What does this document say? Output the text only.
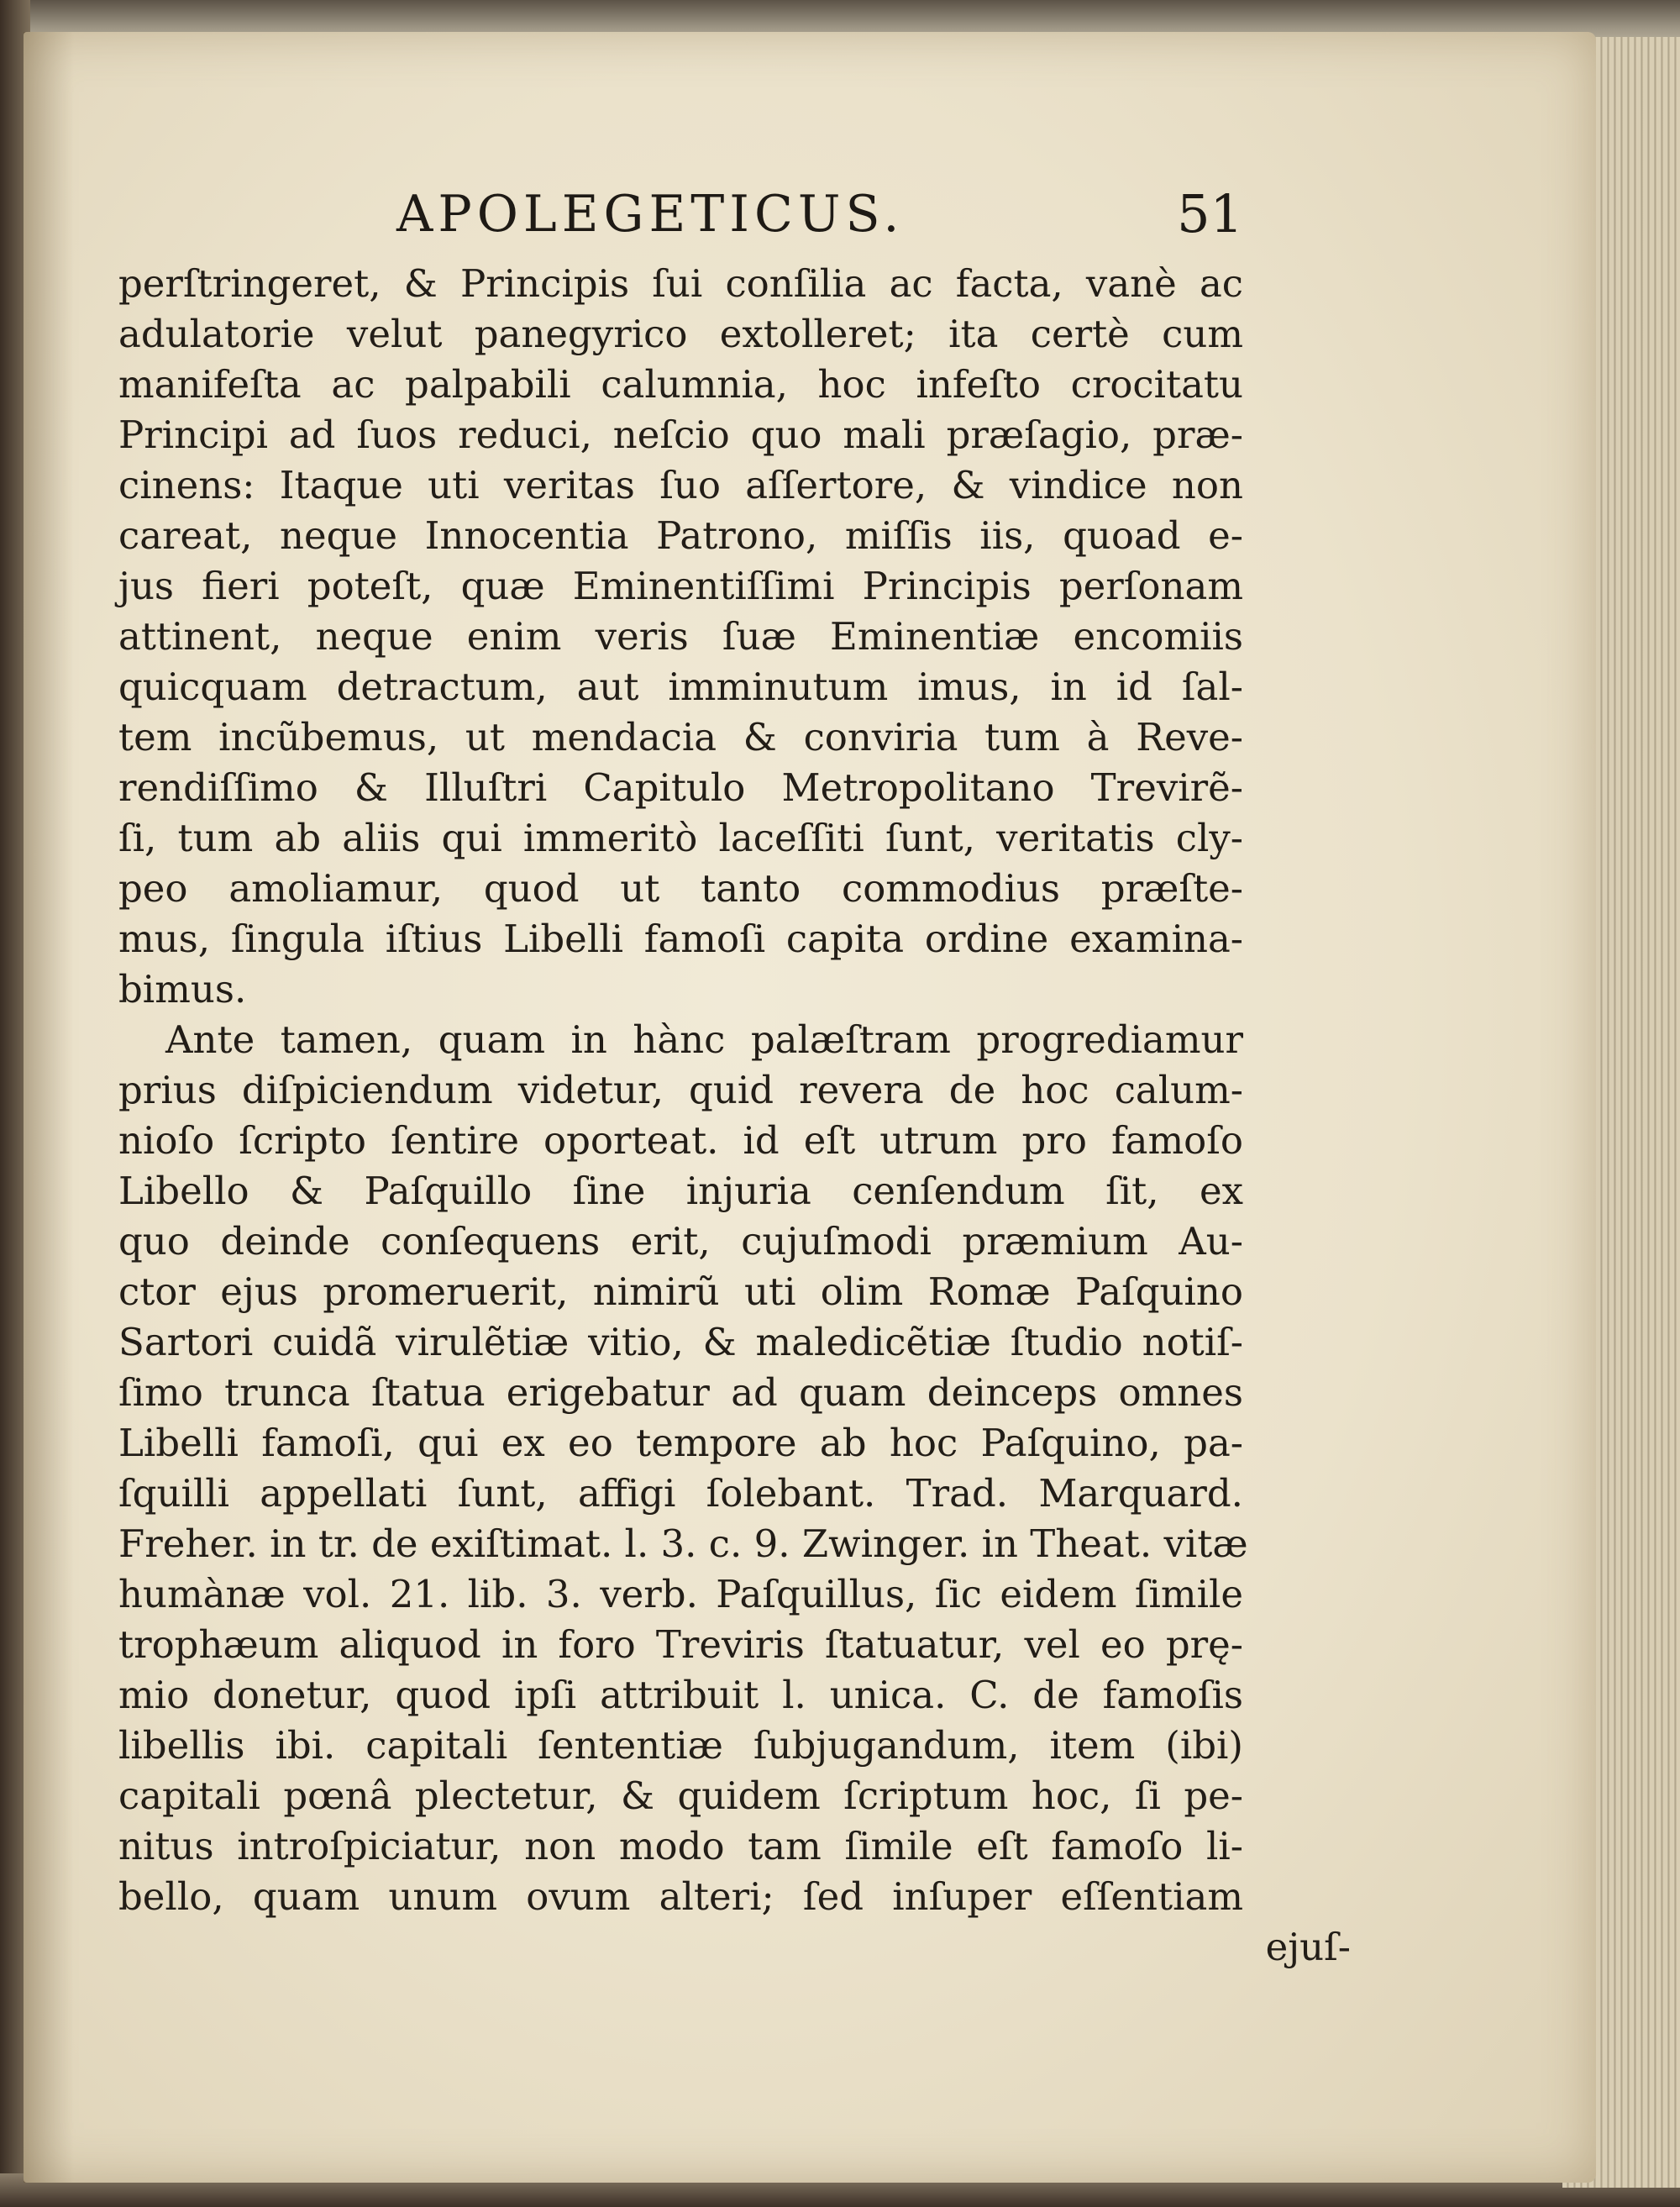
APOLEGETICUS.	51
perſtringeret, & Principis ſui conſilia ac facta, vanè ac
adulatorie velut panegyrico extolleret; ita certè cum
manifeſta ac palpabili calumnia, hoc infeſto crocitatu
Principi ad ſuos reduci, neſcio quo mali præſagio, præ-
cinens: Itaque uti veritas ſuo aſſertore, & vindice non
careat, neque Innocentia Patrono, miſſis iis, quoad e-
jus fieri poteſt, quæ Eminentiſſimi Principis perſonam
attinent, neque enim veris ſuæ Eminentiæ encomiis
quicquam detractum, aut imminutum imus, in id ſal-
tem incũbemus, ut mendacia & conviria tum à Reve-
rendiſſimo & Illuſtri Capitulo Metropolitano Trevirẽ-
ſi, tum ab aliis qui immeritò laceſſiti ſunt, veritatis cly-
peo amoliamur, quod ut tanto commodius præſte-
mus, ſingula iſtius Libelli famoſi capita ordine examina-
bimus.
Ante tamen, quam in hànc palæſtram progrediamur
prius diſpiciendum videtur, quid revera de hoc calum-
nioſo ſcripto ſentire oporteat. id eſt utrum pro famoſo
Libello & Paſquillo ſine injuria cenſendum ſit, ex
quo deinde conſequens erit, cujuſmodi præmium Au-
ctor ejus promeruerit, nimirũ uti olim Romæ Paſquino
Sartori cuidã virulẽtiæ vitio, & maledicẽtiæ ſtudio notiſ-
ſimo trunca ſtatua erigebatur ad quam deinceps omnes
Libelli famoſi, qui ex eo tempore ab hoc Paſquino, pa-
ſquilli appellati ſunt, affigi ſolebant. Trad. Marquard.
Freher. in tr. de exiſtimat. l. 3. c. 9. Zwinger. in Theat. vitæ
humànæ vol. 21. lib. 3. verb. Paſquillus, ſic eidem ſimile
trophæum aliquod in foro Treviris ſtatuatur, vel eo prę-
mio donetur, quod ipſi attribuit l. unica. C. de famoſis
libellis ibi. capitali ſententiæ ſubjugandum, item (ibi)
capitali pœnâ plectetur, & quidem ſcriptum hoc, ſi pe-
nitus introſpiciatur, non modo tam ſimile eſt famoſo li-
bello, quam unum ovum alteri; ſed inſuper eſſentiam
ejuſ-
